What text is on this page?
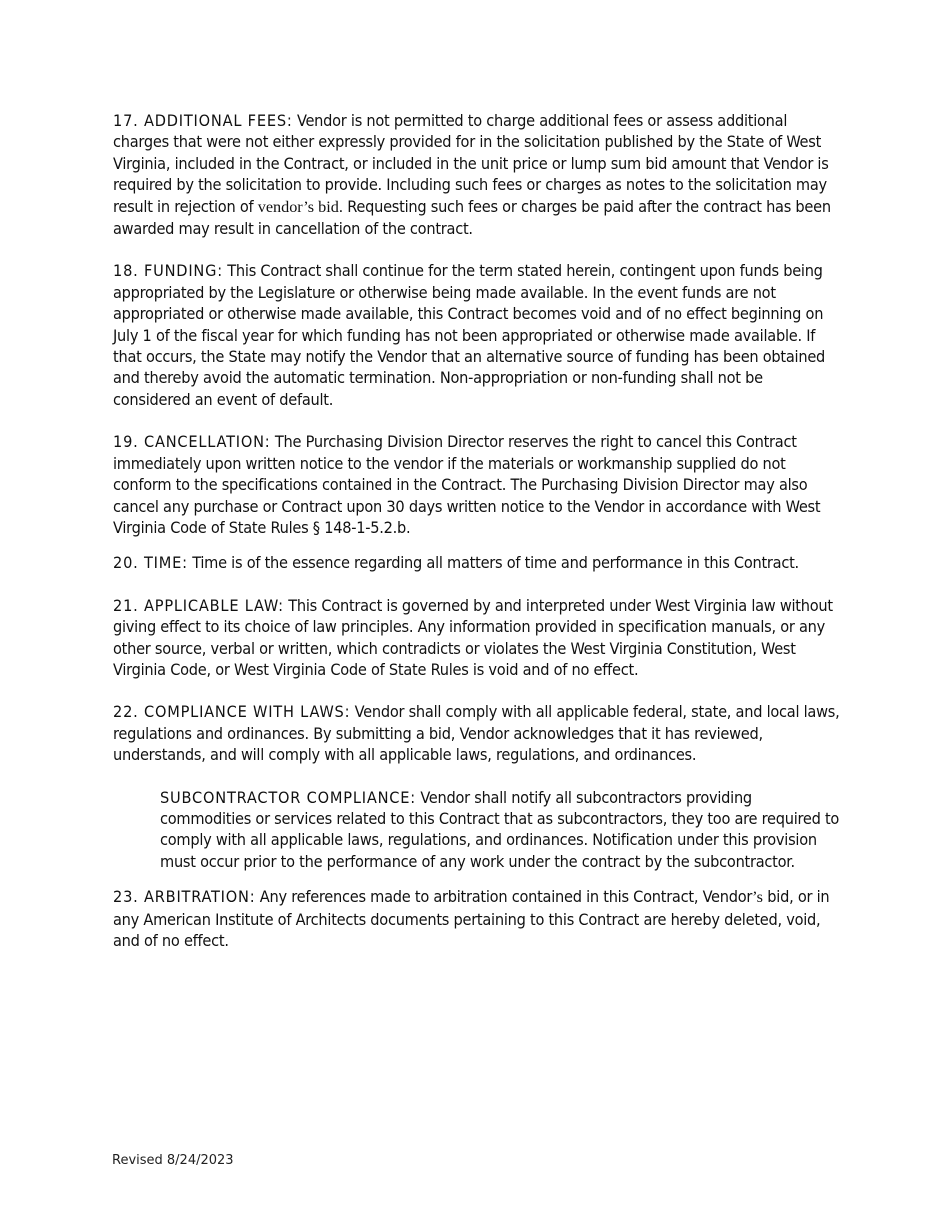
17. ADDITIONAL FEES: Vendor is not permitted to charge additional fees or assess additional charges that were not either expressly provided for in the solicitation published by the State of West Virginia, included in the Contract, or included in the unit price or lump sum bid amount that Vendor is required by the solicitation to provide. Including such fees or charges as notes to the solicitation may result in rejection of vendor’s bid. Requesting such fees or charges be paid after the contract has been awarded may result in cancellation of the contract.

18. FUNDING: This Contract shall continue for the term stated herein, contingent upon funds being appropriated by the Legislature or otherwise being made available. In the event funds are not appropriated or otherwise made available, this Contract becomes void and of no effect beginning on July 1 of the fiscal year for which funding has not been appropriated or otherwise made available. If that occurs, the State may notify the Vendor that an alternative source of funding has been obtained and thereby avoid the automatic termination. Non-appropriation or non-funding shall not be considered an event of default.

19. CANCELLATION: The Purchasing Division Director reserves the right to cancel this Contract immediately upon written notice to the vendor if the materials or workmanship supplied do not conform to the specifications contained in the Contract. The Purchasing Division Director may also cancel any purchase or Contract upon 30 days written notice to the Vendor in accordance with West Virginia Code of State Rules § 148-1-5.2.b.

20. TIME: Time is of the essence regarding all matters of time and performance in this Contract.

21. APPLICABLE LAW: This Contract is governed by and interpreted under West Virginia law without giving effect to its choice of law principles. Any information provided in specification manuals, or any other source, verbal or written, which contradicts or violates the West Virginia Constitution, West Virginia Code, or West Virginia Code of State Rules is void and of no effect.

22. COMPLIANCE WITH LAWS: Vendor shall comply with all applicable federal, state, and local laws, regulations and ordinances. By submitting a bid, Vendor acknowledges that it has reviewed, understands, and will comply with all applicable laws, regulations, and ordinances.

SUBCONTRACTOR COMPLIANCE: Vendor shall notify all subcontractors providing commodities or services related to this Contract that as subcontractors, they too are required to comply with all applicable laws, regulations, and ordinances. Notification under this provision must occur prior to the performance of any work under the contract by the subcontractor.

23. ARBITRATION: Any references made to arbitration contained in this Contract, Vendor’s bid, or in any American Institute of Architects documents pertaining to this Contract are hereby deleted, void, and of no effect.

Revised 8/24/2023
